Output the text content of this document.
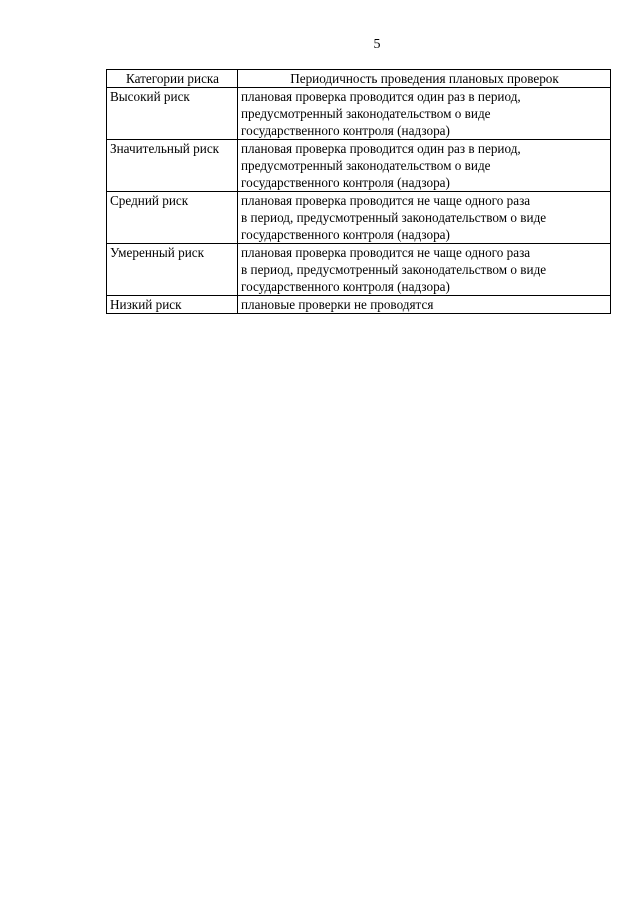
5
Категории риска	Периодичность проведения плановых проверок
Высокий риск	плановая проверка проводится один раз в период,
предусмотренный законодательством о виде
государственного контроля (надзора)

Значительный риск	плановая проверка проводится один раз в период,
предусмотренный законодательством о виде
государственного контроля (надзора)

Средний риск	плановая проверка проводится не чаще одного раза
в период, предусмотренный законодательством о виде
государственного контроля (надзора)

Умеренный риск	плановая проверка проводится не чаще одного раза
в период, предусмотренный законодательством о виде
государственного контроля (надзора)

Низкий риск	плановые проверки не проводятся
